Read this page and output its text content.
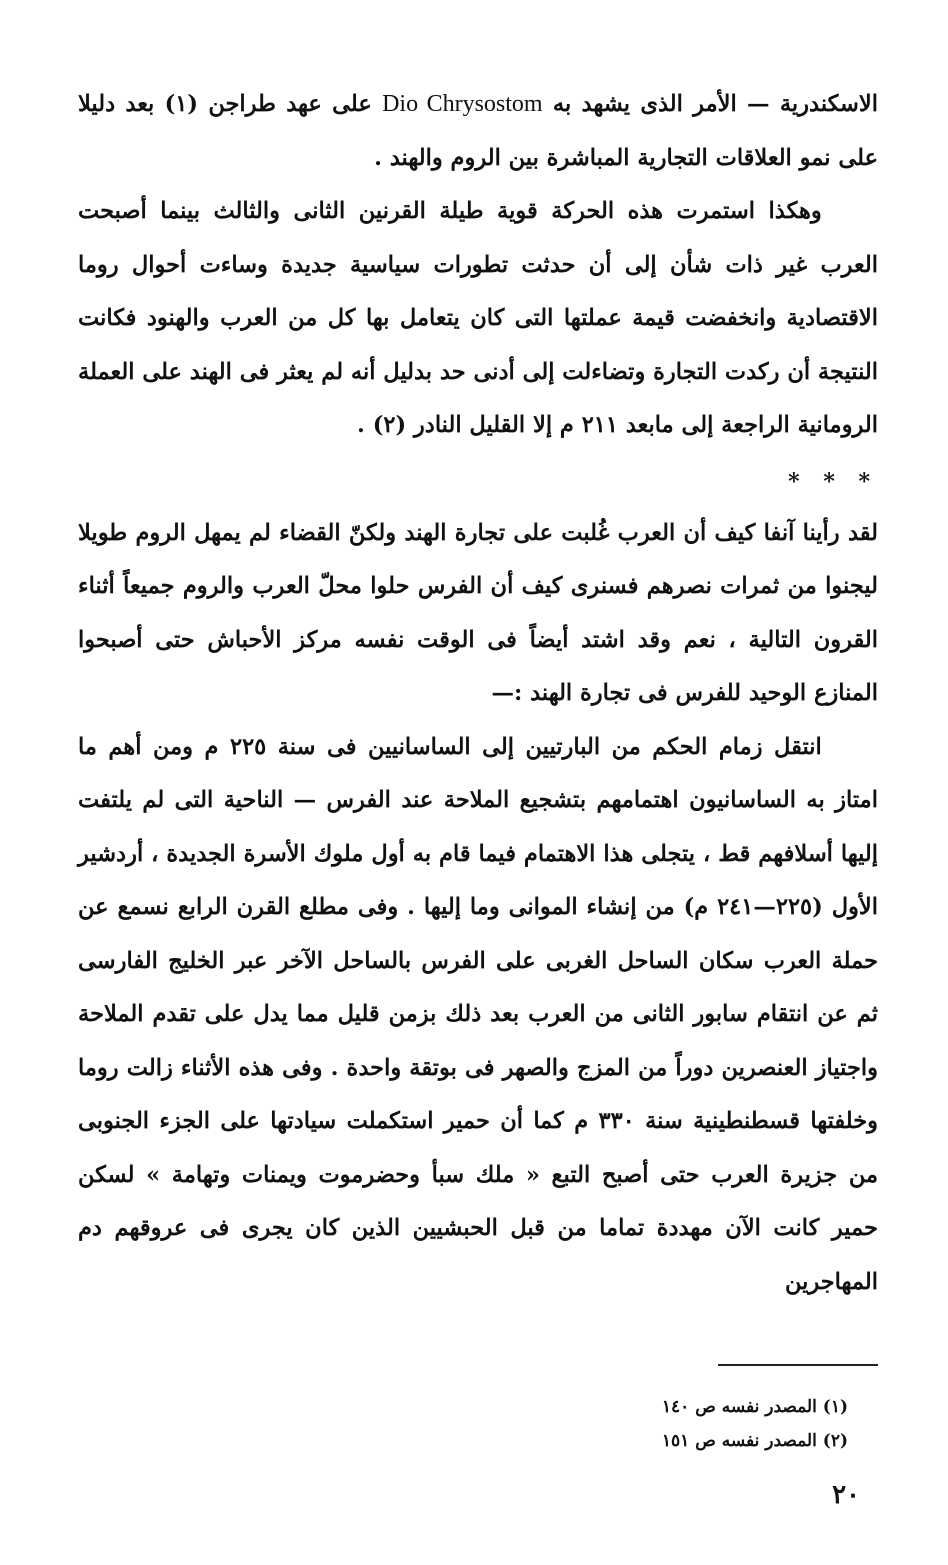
الاسكندرية — الأمر الذى يشهد به Dio Chrysostom على عهد طراجن (١) بعد دليلا على نمو العلاقات التجارية المباشرة بين الروم والهند .

وهكذا استمرت هذه الحركة قوية طيلة القرنين الثانى والثالث بينما أصبحت العرب غير ذات شأن إلى أن حدثت تطورات سياسية جديدة وساءت أحوال روما الاقتصادية وانخفضت قيمة عملتها التى كان يتعامل بها كل من العرب والهنود فكانت النتيجة أن ركدت التجارة وتضاءلت إلى أدنى حد بدليل أنه لم يعثر فى الهند على العملة الرومانية الراجعة إلى مابعد ٢١١ م إلا القليل النادر (٢) .

* * *

لقد رأينا آنفا كيف أن العرب غُلبت على تجارة الهند ولكنّ القضاء لم يمهل الروم طويلا ليجنوا من ثمرات نصرهم فسنرى كيف أن الفرس حلوا محلّ العرب والروم جميعاً أثناء القرون التالية ، نعم وقد اشتد أيضاً فى الوقت نفسه مركز الأحباش حتى أصبحوا المنازع الوحيد للفرس فى تجارة الهند :—

انتقل زمام الحكم من البارتيين إلى الساسانيين فى سنة ٢٢٥ م ومن أهم ما امتاز به الساسانيون اهتمامهم بتشجيع الملاحة عند الفرس — الناحية التى لم يلتفت إليها أسلافهم قط ، يتجلى هذا الاهتمام فيما قام به أول ملوك الأسرة الجديدة ، أردشير الأول (٢٢٥—٢٤١ م) من إنشاء الموانى وما إليها . وفى مطلع القرن الرابع نسمع عن حملة العرب سكان الساحل الغربى على الفرس بالساحل الآخر عبر الخليج الفارسى ثم عن انتقام سابور الثانى من العرب بعد ذلك بزمن قليل مما يدل على تقدم الملاحة واجتياز العنصرين دوراً من المزج والصهر فى بوتقة واحدة . وفى هذه الأثناء زالت روما وخلفتها قسطنطينية سنة ٣٣٠ م كما أن حمير استكملت سيادتها على الجزء الجنوبى من جزيرة العرب حتى أصبح التبع « ملك سبأ وحضرموت ويمنات وتهامة » لسكن حمير كانت الآن مهددة تماما من قبل الحبشيين الذين كان يجرى فى عروقهم دم المهاجرين

(١) المصدر نفسه ص ١٤٠

(٢) المصدر نفسه ص ١٥١

٢٠
